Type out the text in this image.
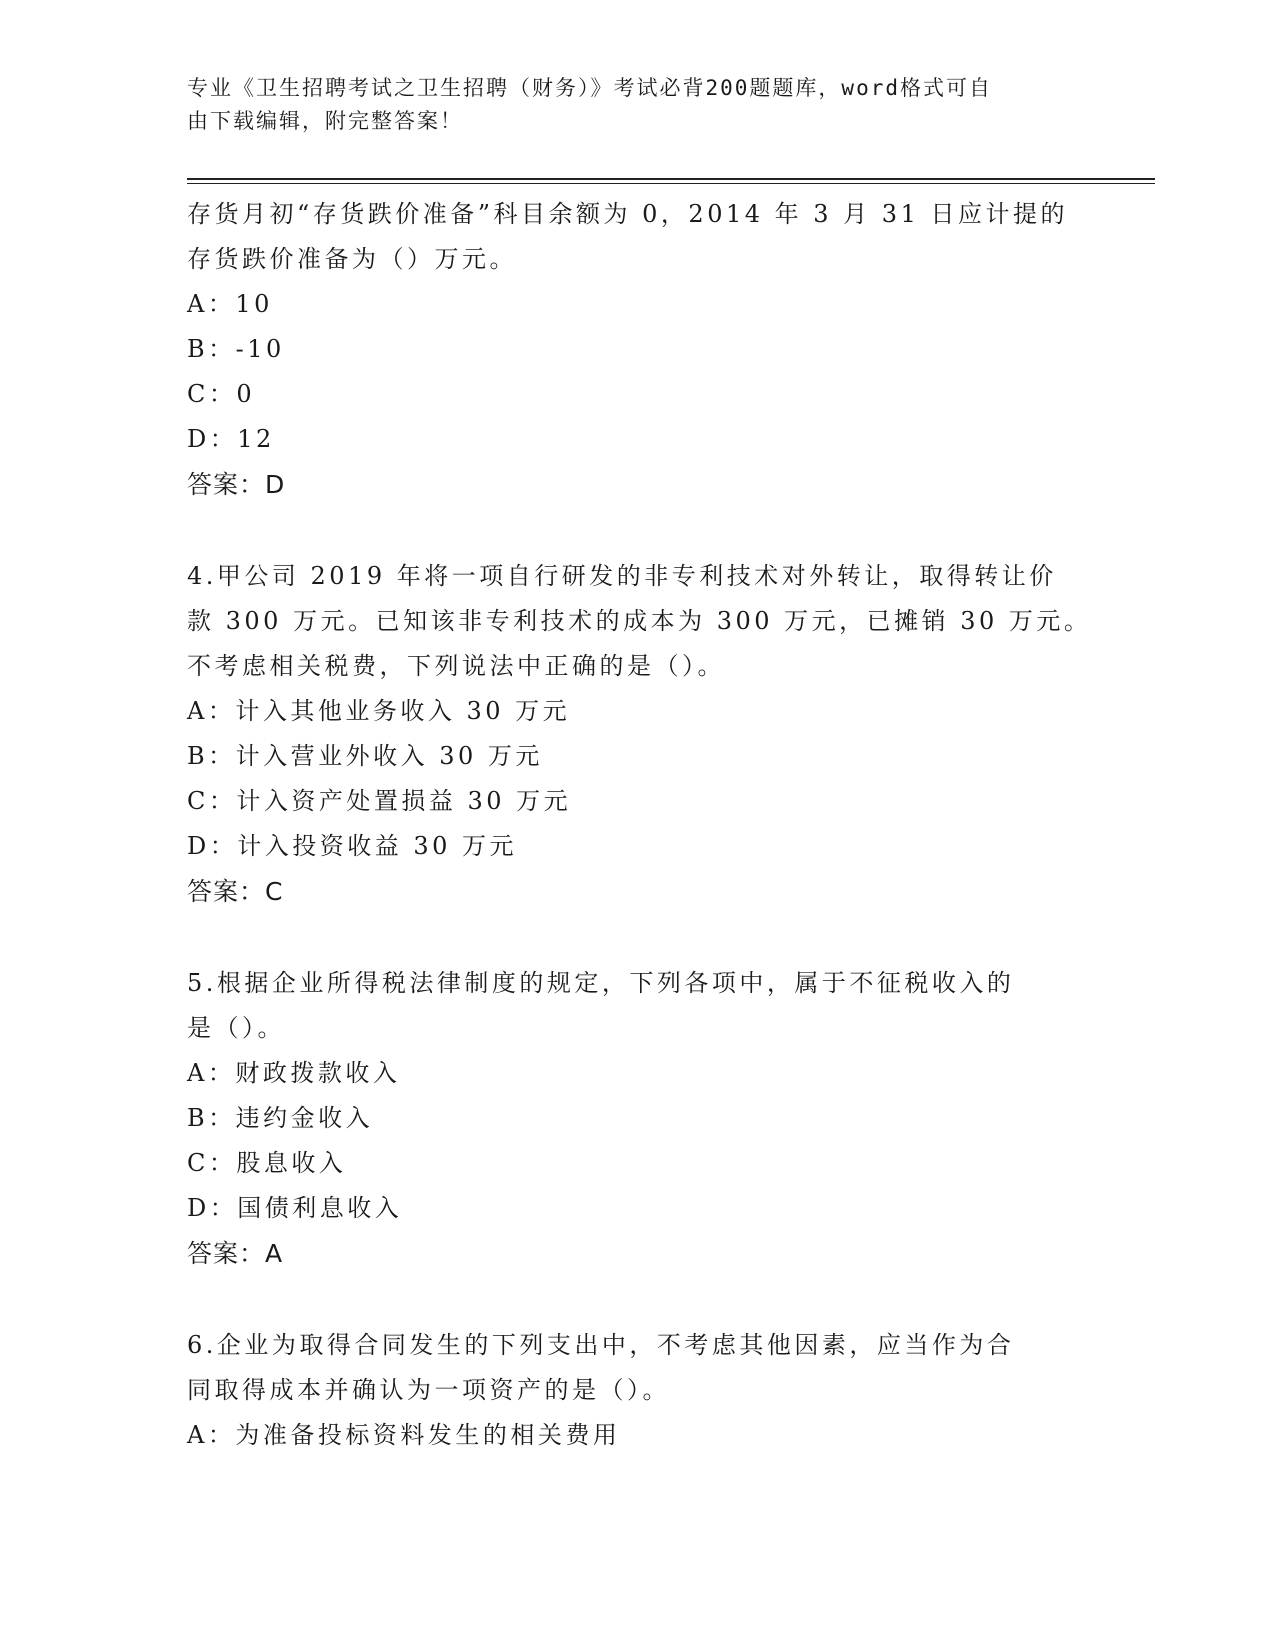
专业《卫生招聘考试之卫生招聘（财务）》考试必背200题题库，word格式可自
由下载编辑，附完整答案！
存货月初“存货跌价准备”科目余额为 0，2014 年 3 月 31 日应计提的
存货跌价准备为（）万元。
A：10
B：-10
C：0
D：12
答案：D
4.甲公司 2019 年将一项自行研发的非专利技术对外转让，取得转让价
款 300 万元。已知该非专利技术的成本为 300 万元，已摊销 30 万元。
不考虑相关税费，下列说法中正确的是（）。
A：计入其他业务收入 30 万元
B：计入营业外收入 30 万元
C：计入资产处置损益 30 万元
D：计入投资收益 30 万元
答案：C
5.根据企业所得税法律制度的规定，下列各项中，属于不征税收入的
是（）。
A：财政拨款收入
B：违约金收入
C：股息收入
D：国债利息收入
答案：A
6.企业为取得合同发生的下列支出中，不考虑其他因素，应当作为合
同取得成本并确认为一项资产的是（）。
A：为准备投标资料发生的相关费用
